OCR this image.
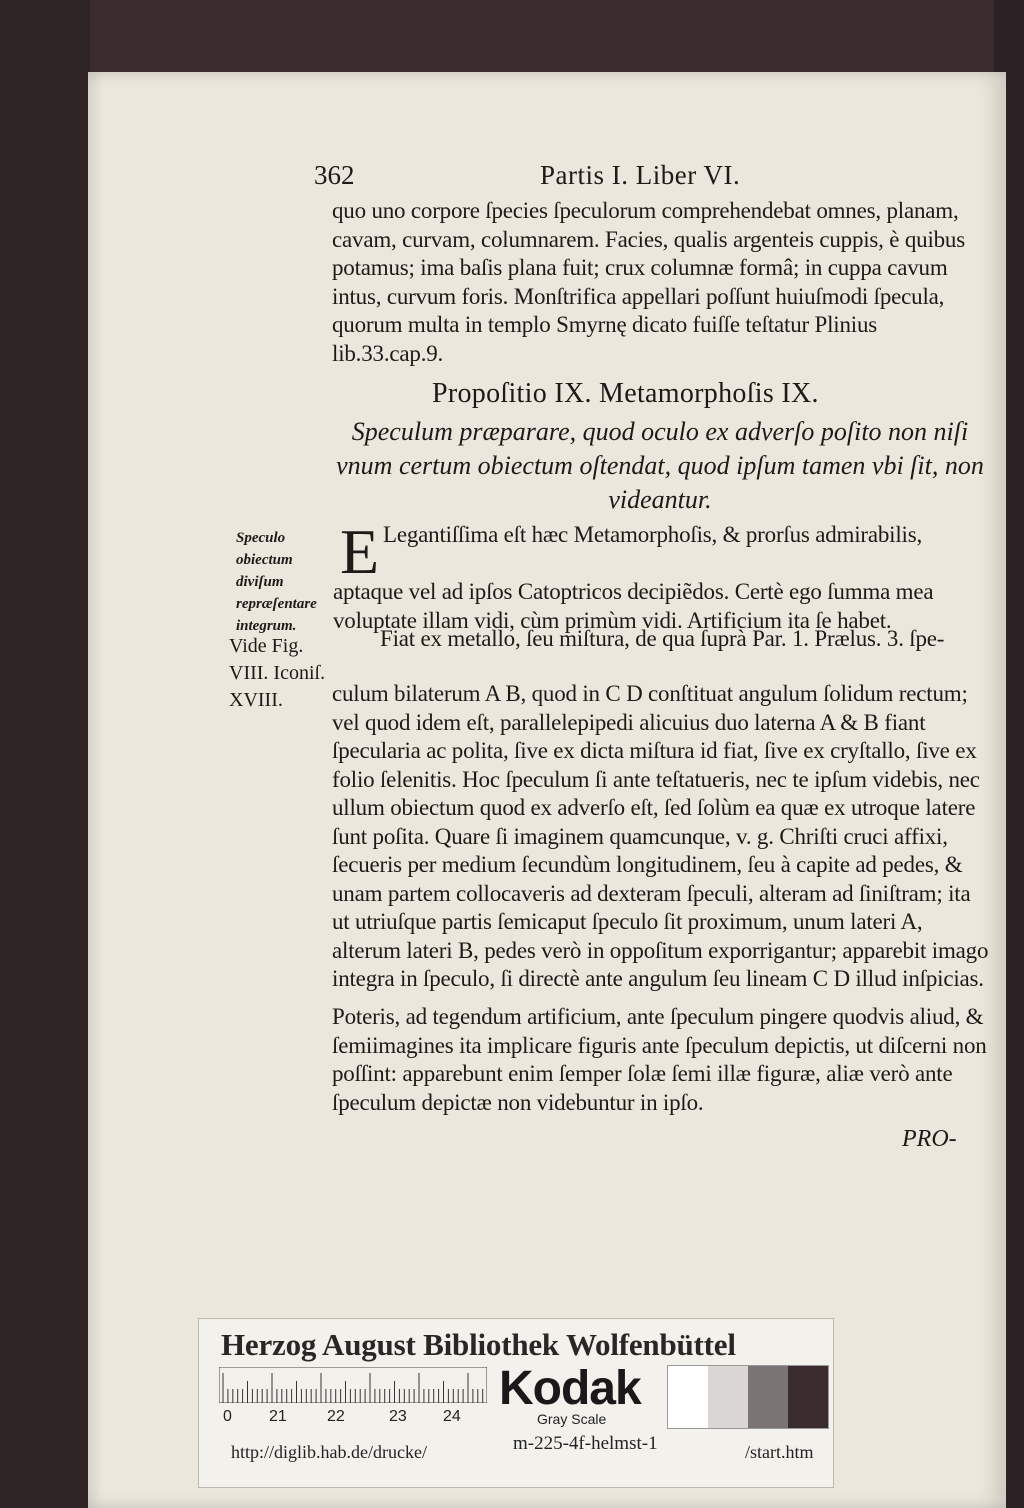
362	Partis I. Liber VI.
quo uno corpore ſpecies ſpeculorum comprehendebat omnes, planam, cavam, curvam, columnarem. Facies, qualis argenteis cuppis, è quibus potamus; ima baſis plana fuit; crux columnæ formâ; in cuppa cavum intus, curvum foris. Monſtrifica appellari poſſunt huiuſmodi ſpecula, quorum multa in templo Smyrnę dicato fuiſſe teſtatur Plinius lib.33.cap.9.
Propoſitio IX. Metamorphoſis IX.
Speculum præparare, quod oculo ex adverſo poſito non niſi vnum certum obiectum oſtendat, quod ipſum tamen vbi ſit, non videantur.
Speculo obiectum diviſum repræſentare integrum.
E Legantiſſima eſt hæc Metamorphoſis, & prorſus admirabilis,
aptaque vel ad ipſos Catoptricos decipiẽdos. Certè ego ſumma mea voluptate illam vidi, cùm primùm vidi. Artificium ita ſe habet.
Vide Fig. VIII. Iconiſ. XVIII.
Fiat ex metallo, ſeu miſtura, de qua ſuprà Par. 1. Prælus. 3. ſpe-
culum bilaterum A B, quod in C D conſtituat angulum ſolidum rectum; vel quod idem eſt, parallelepipedi alicuius duo laterna A & B fiant ſpecularia ac polita, ſive ex dicta miſtura id fiat, ſive ex cryſtallo, ſive ex folio ſelenitis. Hoc ſpeculum ſi ante teſtatueris, nec te ipſum videbis, nec ullum obiectum quod ex adverſo eſt, ſed ſolùm ea quæ ex utroque latere ſunt poſita. Quare ſi imaginem quamcunque, v. g. Chriſti cruci affixi, ſecueris per medium ſecundùm longitudinem, ſeu à capite ad pedes, & unam partem collocaveris ad dexteram ſpeculi, alteram ad ſiniſtram; ita ut utriuſque partis ſemicaput ſpeculo ſit proximum, unum lateri A, alterum lateri B, pedes verò in oppoſitum exporrigantur; apparebit imago integra in ſpeculo, ſi directè ante angulum ſeu lineam C D illud inſpicias.
Poteris, ad tegendum artificium, ante ſpeculum pingere quodvis aliud, & ſemiimagines ita implicare figuris ante ſpeculum depictis, ut diſcerni non poſſint: apparebunt enim ſemper ſolæ ſemi illæ figuræ, aliæ verò ante ſpeculum depictæ non videbuntur in ipſo.
PRO-
Herzog August Bibliothek Wolfenbüttel
0 21	22	23 24
Kodak
Gray Scale
m-225-4f-helmst-1
http://diglib.hab.de/drucke/	/start.htm
